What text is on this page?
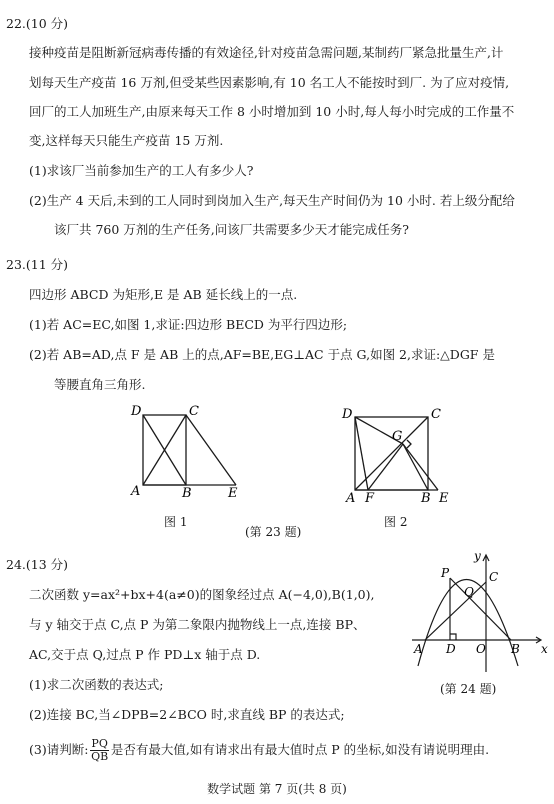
22.(10 分)
接种疫苗是阻断新冠病毒传播的有效途径,针对疫苗急需问题,某制药厂紧急批量生产,计
划每天生产疫苗 16 万剂,但受某些因素影响,有 10 名工人不能按时到厂. 为了应对疫情,
回厂的工人加班生产,由原来每天工作 8 小时增加到 10 小时,每人每小时完成的工作量不
变,这样每天只能生产疫苗 15 万剂.
(1)求该厂当前参加生产的工人有多少人?
(2)生产 4 天后,未到的工人同时到岗加入生产,每天生产时间仍为 10 小时. 若上级分配给
该厂共 760 万剂的生产任务,问该厂共需要多少天才能完成任务?
23.(11 分)
四边形 ABCD 为矩形,E 是 AB 延长线上的一点.
(1)若 AC=EC,如图 1,求证:四边形 BECD 为平行四边形;
(2)若 AB=AD,点 F 是 AB 上的点,AF=BE,EG⊥AC 于点 G,如图 2,求证:△DGF 是
等腰直角三角形.
D	C
A	B	E
D	C
G
A F	B E
图 1
(第 23 题)
图 2
24.(13 分)
二次函数 y=ax²+bx+4(a≠0)的图象经过点 A(−4,0),B(1,0),
与 y 轴交于点 C,点 P 为第二象限内抛物线上一点,连接 BP、
AC,交于点 Q,过点 P 作 PD⊥x 轴于点 D.
(1)求二次函数的表达式;
(2)连接 BC,当∠DPB=2∠BCO 时,求直线 BP 的表达式;
(3)请判断: $\frac{PQ}{QB}$ 是否有最大值,如有请求出有最大值时点 P 的坐标,如没有请说明理由.
y
x
P	C
Q
A D O B
(第 24 题)
数学试题 第 7 页(共 8 页)
